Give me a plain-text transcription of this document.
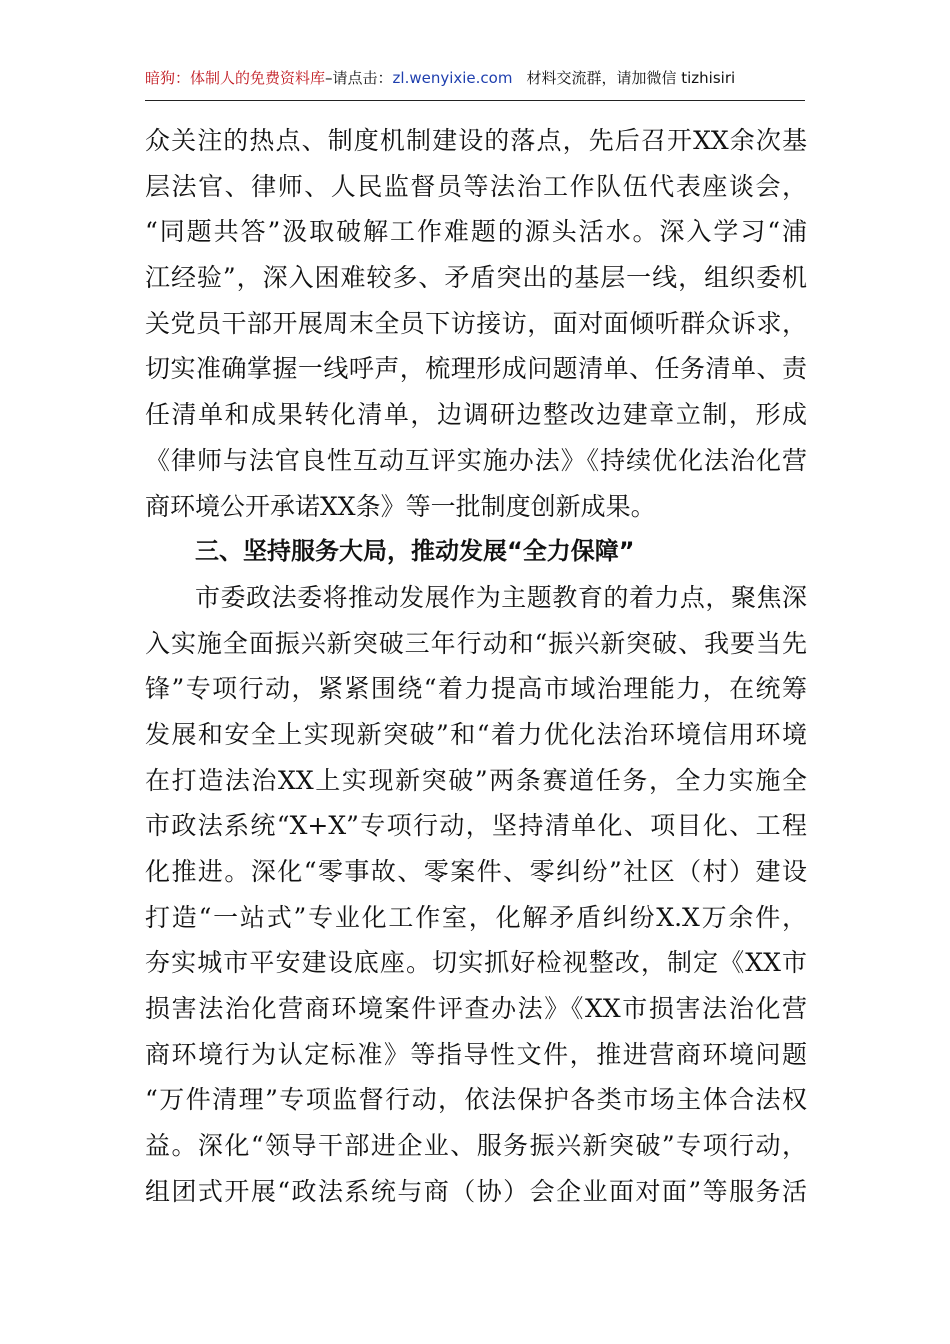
暗狗：体制人的免费资料库–请点击：zl.wenyixie.com 材料交流群，请加微信 tizhisiri
众关注的热点、制度机制建设的落点，先后召开XX余次基
层法官、律师、人民监督员等法治工作队伍代表座谈会，
“同题共答”汲取破解工作难题的源头活水。深入学习“浦
江经验”，深入困难较多、矛盾突出的基层一线，组织委机
关党员干部开展周末全员下访接访，面对面倾听群众诉求，
切实准确掌握一线呼声，梳理形成问题清单、任务清单、责
任清单和成果转化清单，边调研边整改边建章立制，形成
《律师与法官良性互动互评实施办法》《持续优化法治化营
商环境公开承诺XX条》等一批制度创新成果。
三、坚持服务大局，推动发展“全力保障”
市委政法委将推动发展作为主题教育的着力点，聚焦深
入实施全面振兴新突破三年行动和“振兴新突破、我要当先
锋”专项行动，紧紧围绕“着力提高市域治理能力，在统筹
发展和安全上实现新突破”和“着力优化法治环境信用环境
在打造法治XX上实现新突破”两条赛道任务，全力实施全
市政法系统“X+X”专项行动，坚持清单化、项目化、工程
化推进。深化“零事故、零案件、零纠纷”社区（村）建设
打造“一站式”专业化工作室，化解矛盾纠纷X.X万余件，
夯实城市平安建设底座。切实抓好检视整改，制定《XX市
损害法治化营商环境案件评查办法》《XX市损害法治化营
商环境行为认定标准》等指导性文件，推进营商环境问题
“万件清理”专项监督行动，依法保护各类市场主体合法权
益。深化“领导干部进企业、服务振兴新突破”专项行动，
组团式开展“政法系统与商（协）会企业面对面”等服务活
